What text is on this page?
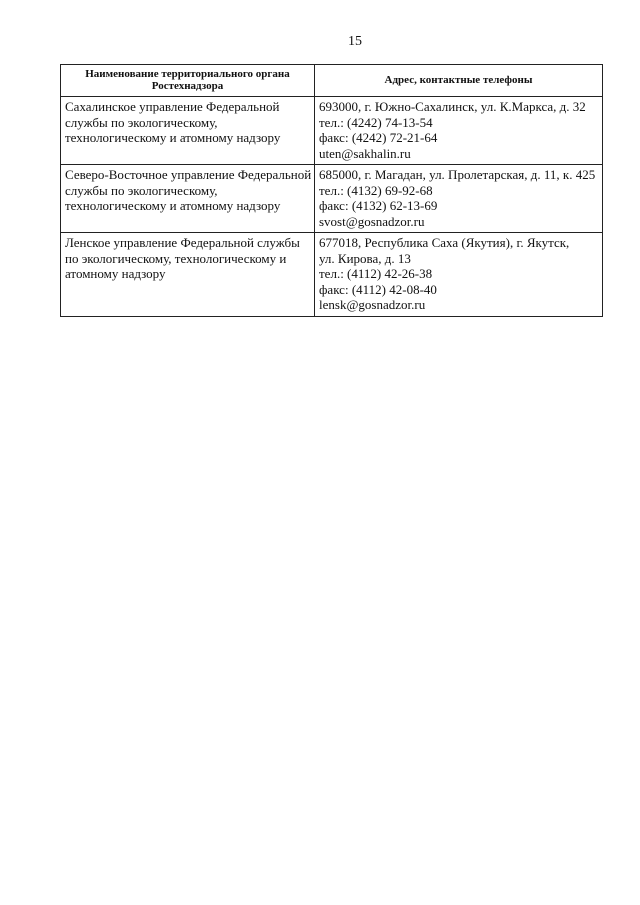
15
Наименование территориального органа
Ростехнадзора	Адрес, контактные телефоны

Сахалинское управление Федеральной
службы по экологическому,
технологическому и атомному надзору	693000, г. Южно-Сахалинск, ул. К.Маркса, д. 32
тел.: (4242) 74-13-54
факс: (4242) 72-21-64
uten@sakhalin.ru

Северо-Восточное управление Федеральной
службы по экологическому,
технологическому и атомному надзору	685000, г. Магадан, ул. Пролетарская, д. 11, к. 425
тел.: (4132) 69-92-68
факс: (4132) 62-13-69
svost@gosnadzor.ru

Ленское управление Федеральной службы
по экологическому, технологическому и
атомному надзору	677018, Республика Саха (Якутия), г. Якутск,
ул. Кирова, д. 13
тел.: (4112) 42-26-38
факс: (4112) 42-08-40
lensk@gosnadzor.ru
